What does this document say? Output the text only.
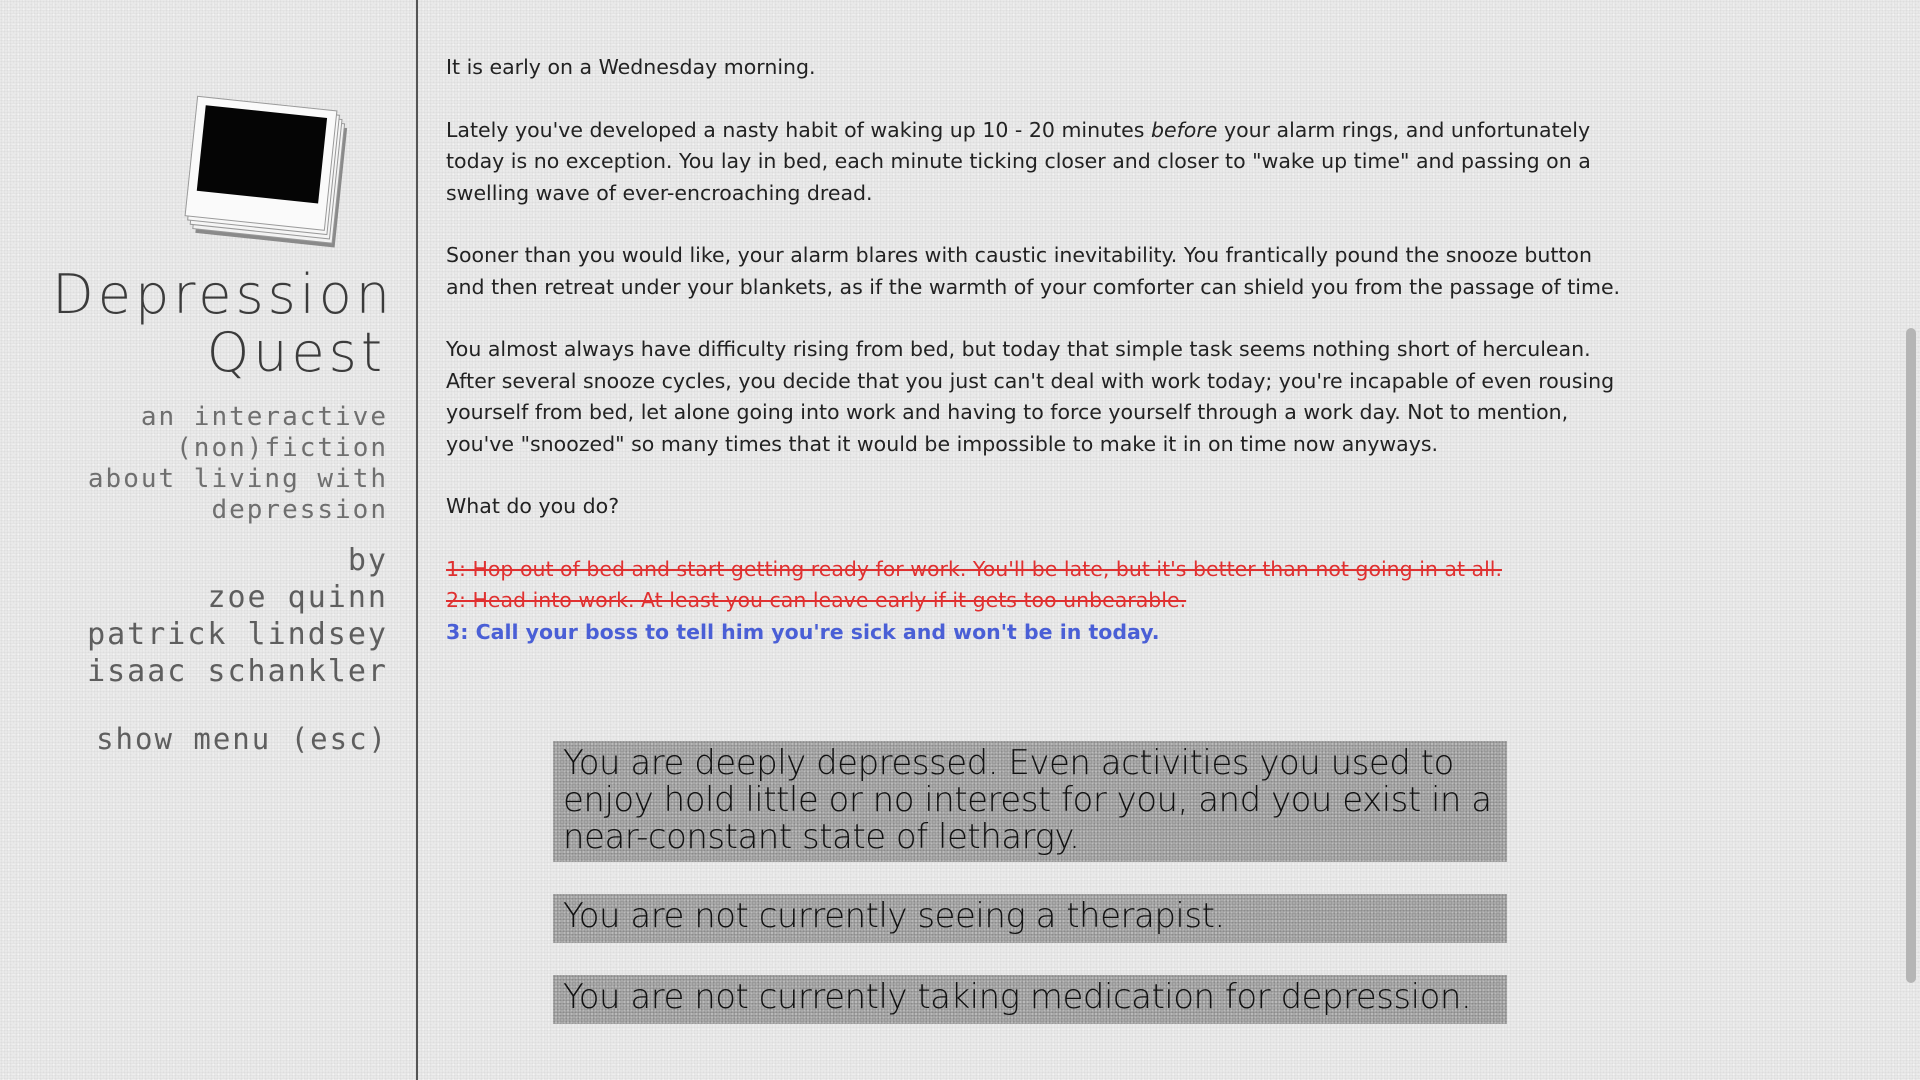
Depression

Quest
an interactive
(non)fiction
about living with
depression
by
zoe quinn
patrick lindsey
isaac schankler
show menu (esc)

It is early on a Wednesday morning.

Lately you've developed a nasty habit of waking up 10 - 20 minutes before your alarm rings, and unfortunately today is no exception. You lay in bed, each minute ticking closer and closer to "wake up time" and passing on a swelling wave of ever-encroaching dread.

Sooner than you would like, your alarm blares with caustic inevitability. You frantically pound the snooze button and then retreat under your blankets, as if the warmth of your comforter can shield you from the passage of time.

You almost always have difficulty rising from bed, but today that simple task seems nothing short of herculean. After several snooze cycles, you decide that you just can't deal with work today; you're incapable of even rousing yourself from bed, let alone going into work and having to force yourself through a work day. Not to mention, you've "snoozed" so many times that it would be impossible to make it in on time now anyways.

What do you do?

1: Hop out of bed and start getting ready for work. You'll be late, but it's better than not going in at all.
2: Head into work. At least you can leave early if it gets too unbearable.
3: Call your boss to tell him you're sick and won't be in today.
You are deeply depressed. Even activities you used to enjoy hold little or no interest for you, and you exist in a near-constant state of lethargy.
You are not currently seeing a therapist.
You are not currently taking medication for depression.
